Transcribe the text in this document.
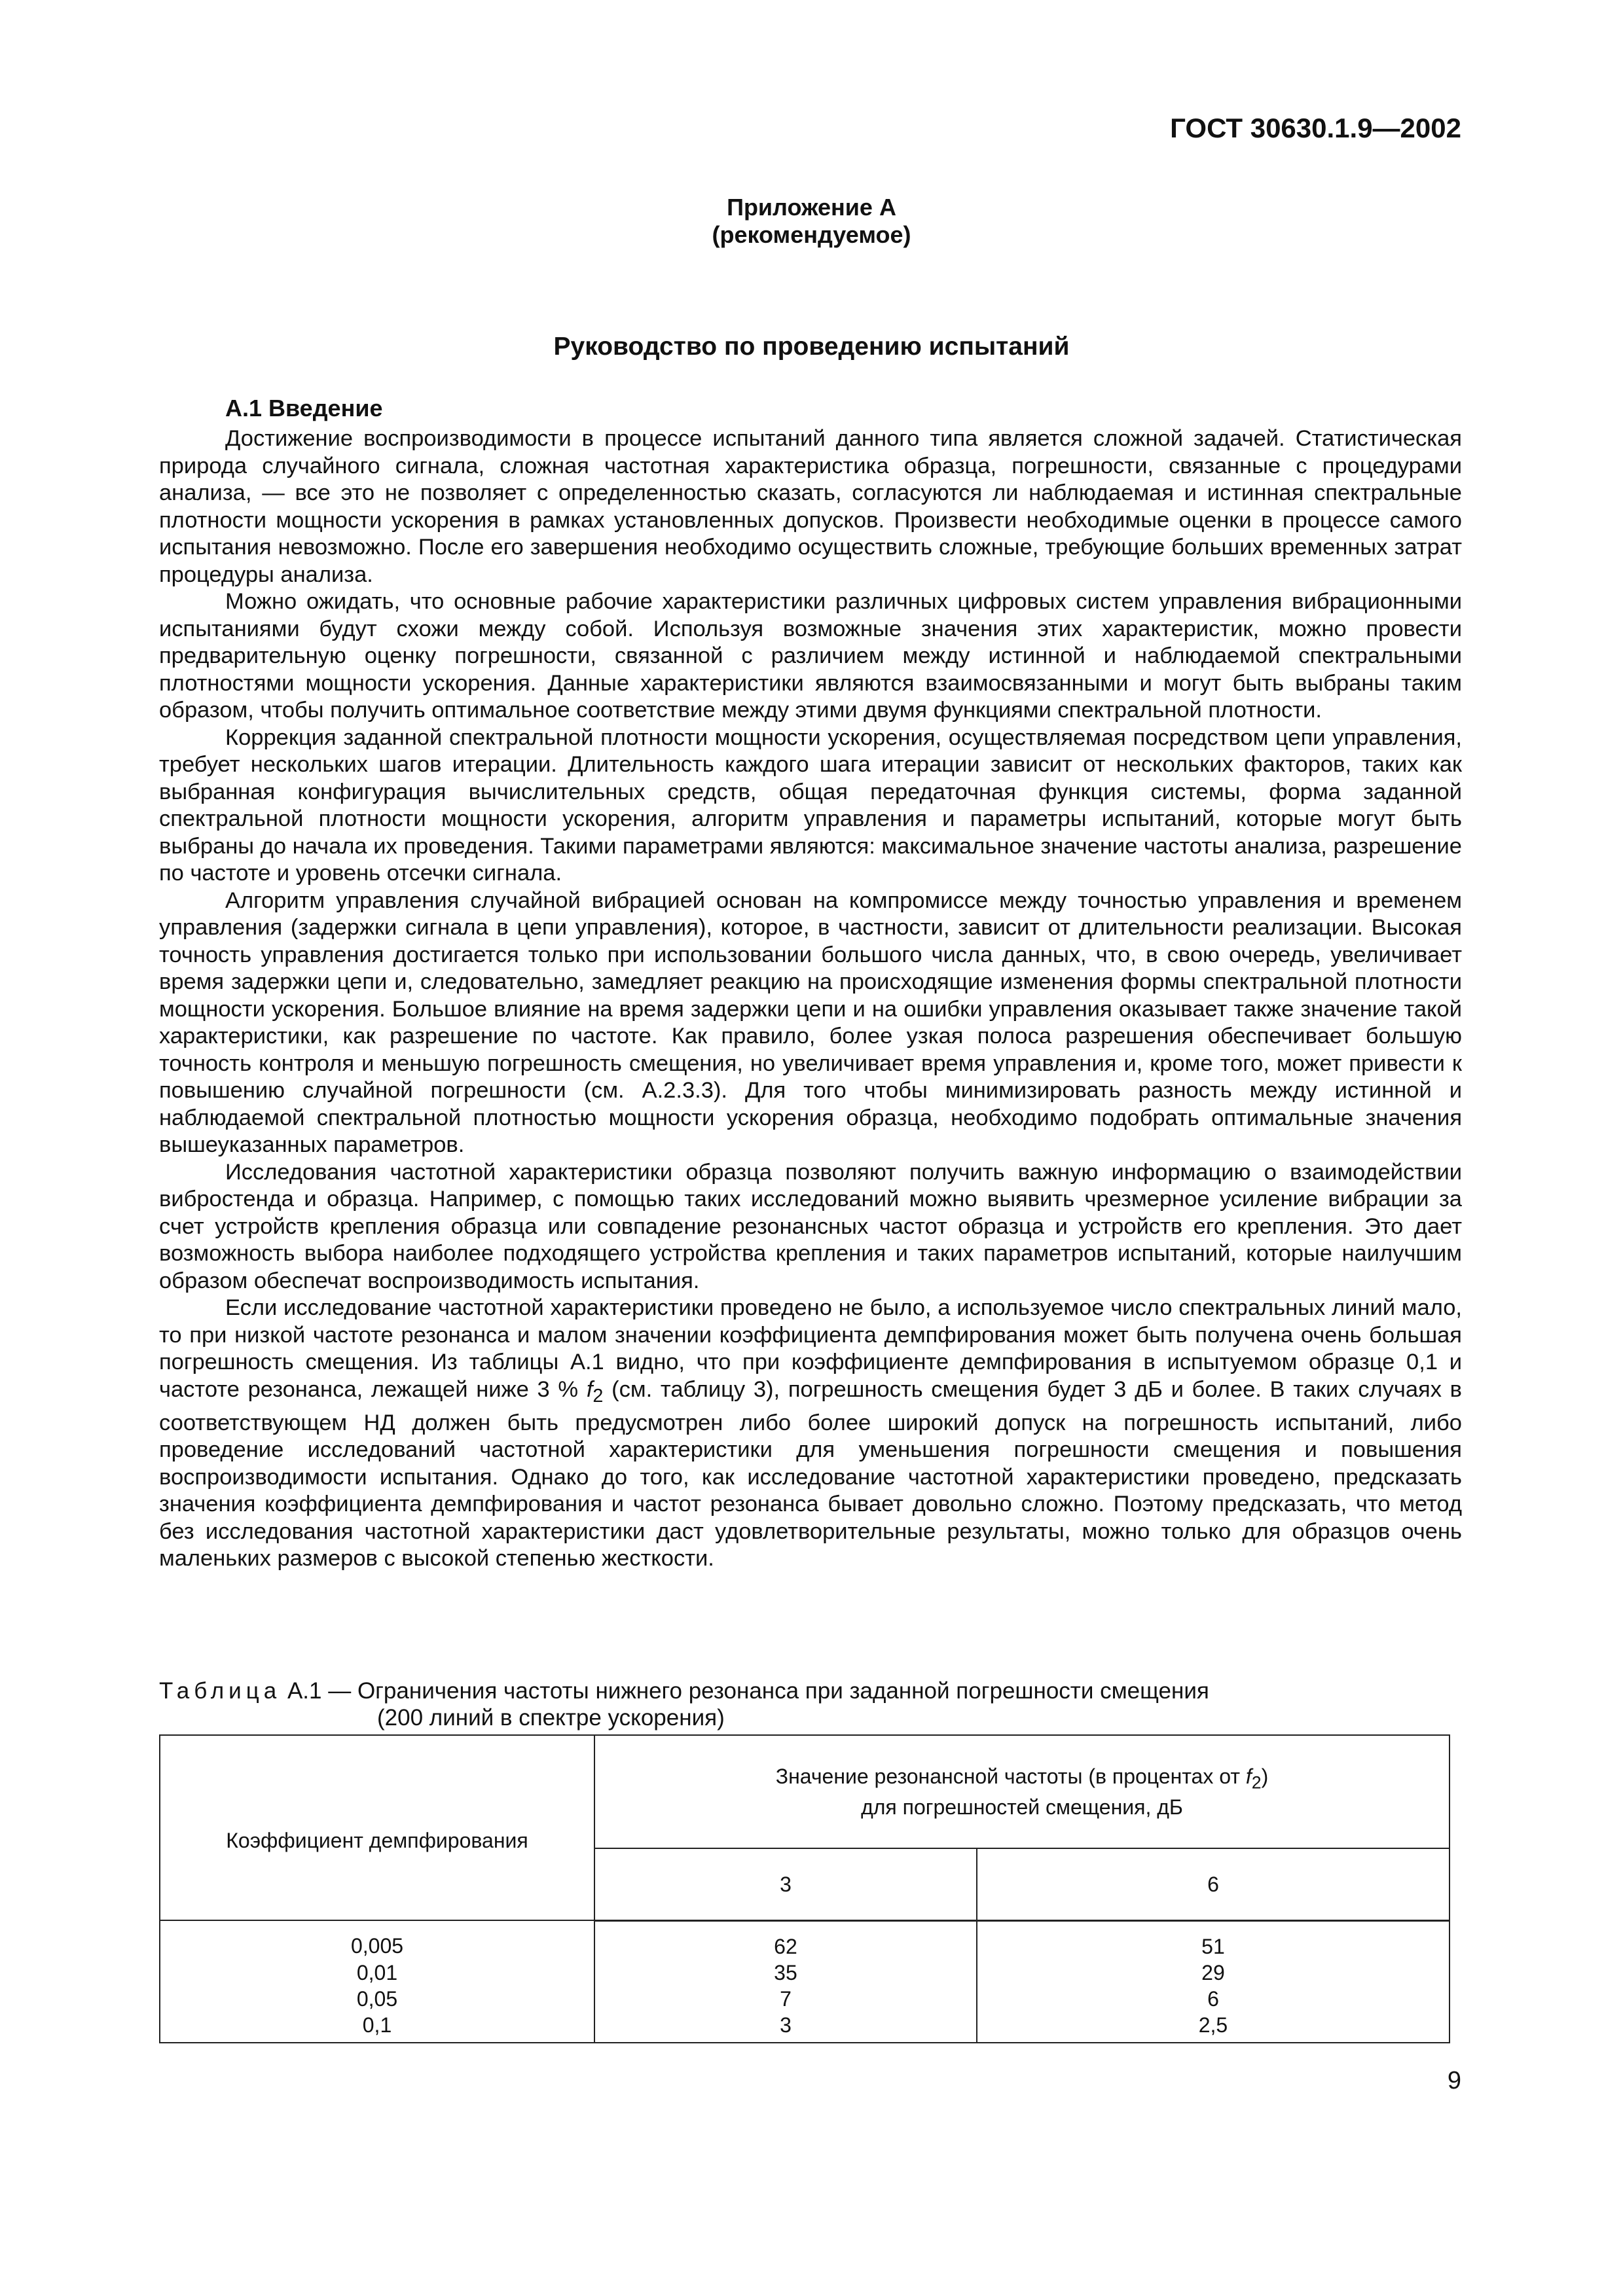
ГОСТ 30630.1.9—2002
Приложение А
(рекомендуемое)
Руководство по проведению испытаний
А.1 Введение

Достижение воспроизводимости в процессе испытаний данного типа является сложной задачей. Статистическая природа случайного сигнала, сложная частотная характеристика образца, погрешности, связанные с процедурами анализа, — все это не позволяет с определенностью сказать, согласуются ли наблюдаемая и истинная спектральные плотности мощности ускорения в рамках установленных допусков. Произвести необходимые оценки в процессе самого испытания невозможно. После его завершения необходимо осуществить сложные, требующие больших временных затрат процедуры анализа.

Можно ожидать, что основные рабочие характеристики различных цифровых систем управления вибрационными испытаниями будут схожи между собой. Используя возможные значения этих характеристик, можно провести предварительную оценку погрешности, связанной с различием между истинной и наблюдаемой спектральными плотностями мощности ускорения. Данные характеристики являются взаимосвязанными и могут быть выбраны таким образом, чтобы получить оптимальное соответствие между этими двумя функциями спектральной плотности.

Коррекция заданной спектральной плотности мощности ускорения, осуществляемая посредством цепи управления, требует нескольких шагов итерации. Длительность каждого шага итерации зависит от нескольких факторов, таких как выбранная конфигурация вычислительных средств, общая передаточная функция системы, форма заданной спектральной плотности мощности ускорения, алгоритм управления и параметры испытаний, которые могут быть выбраны до начала их проведения. Такими параметрами являются: максимальное значение частоты анализа, разрешение по частоте и уровень отсечки сигнала.

Алгоритм управления случайной вибрацией основан на компромиссе между точностью управления и временем управления (задержки сигнала в цепи управления), которое, в частности, зависит от длительности реализации. Высокая точность управления достигается только при использовании большого числа данных, что, в свою очередь, увеличивает время задержки цепи и, следовательно, замедляет реакцию на происходящие изменения формы спектральной плотности мощности ускорения. Большое влияние на время задержки цепи и на ошибки управления оказывает также значение такой характеристики, как разрешение по частоте. Как правило, более узкая полоса разрешения обеспечивает большую точность контроля и меньшую погрешность смещения, но увеличивает время управления и, кроме того, может привести к повышению случайной погрешности (см. А.2.3.3). Для того чтобы минимизировать разность между истинной и наблюдаемой спектральной плотностью мощности ускорения образца, необходимо подобрать оптимальные значения вышеуказанных параметров.

Исследования частотной характеристики образца позволяют получить важную информацию о взаимодействии вибростенда и образца. Например, с помощью таких исследований можно выявить чрезмерное усиление вибрации за счет устройств крепления образца или совпадение резонансных частот образца и устройств его крепления. Это дает возможность выбора наиболее подходящего устройства крепления и таких параметров испытаний, которые наилучшим образом обеспечат воспроизводимость испытания.

Если исследование частотной характеристики проведено не было, а используемое число спектральных линий мало, то при низкой частоте резонанса и малом значении коэффициента демпфирования может быть получена очень большая погрешность смещения. Из таблицы А.1 видно, что при коэффициенте демпфирования в испытуемом образце 0,1 и частоте резонанса, лежащей ниже 3 % $f_2$ (см. таблицу 3), погрешность смещения будет 3 дБ и более. В таких случаях в соответствующем НД должен быть предусмотрен либо более широкий допуск на погрешность испытаний, либо проведение исследований частотной характеристики для уменьшения погрешности смещения и повышения воспроизводимости испытания. Однако до того, как исследование частотной характеристики проведено, предсказать значения коэффициента демпфирования и частот резонанса бывает довольно сложно. Поэтому предсказать, что метод без исследования частотной характеристики даст удовлетворительные результаты, можно только для образцов очень маленьких размеров с высокой степенью жесткости.

Таблица А.1 — Ограничения частоты нижнего резонанса при заданной погрешности смещения
(200 линий в спектре ускорения)
Коэффициент демпфирования	Значение резонансной частоты (в процентах от $f_2$)
для погрешностей смещения, дБ	
	3	6
0,005	62	51
0,01	35	29
0,05	7	6
0,1	3	2,5
9
